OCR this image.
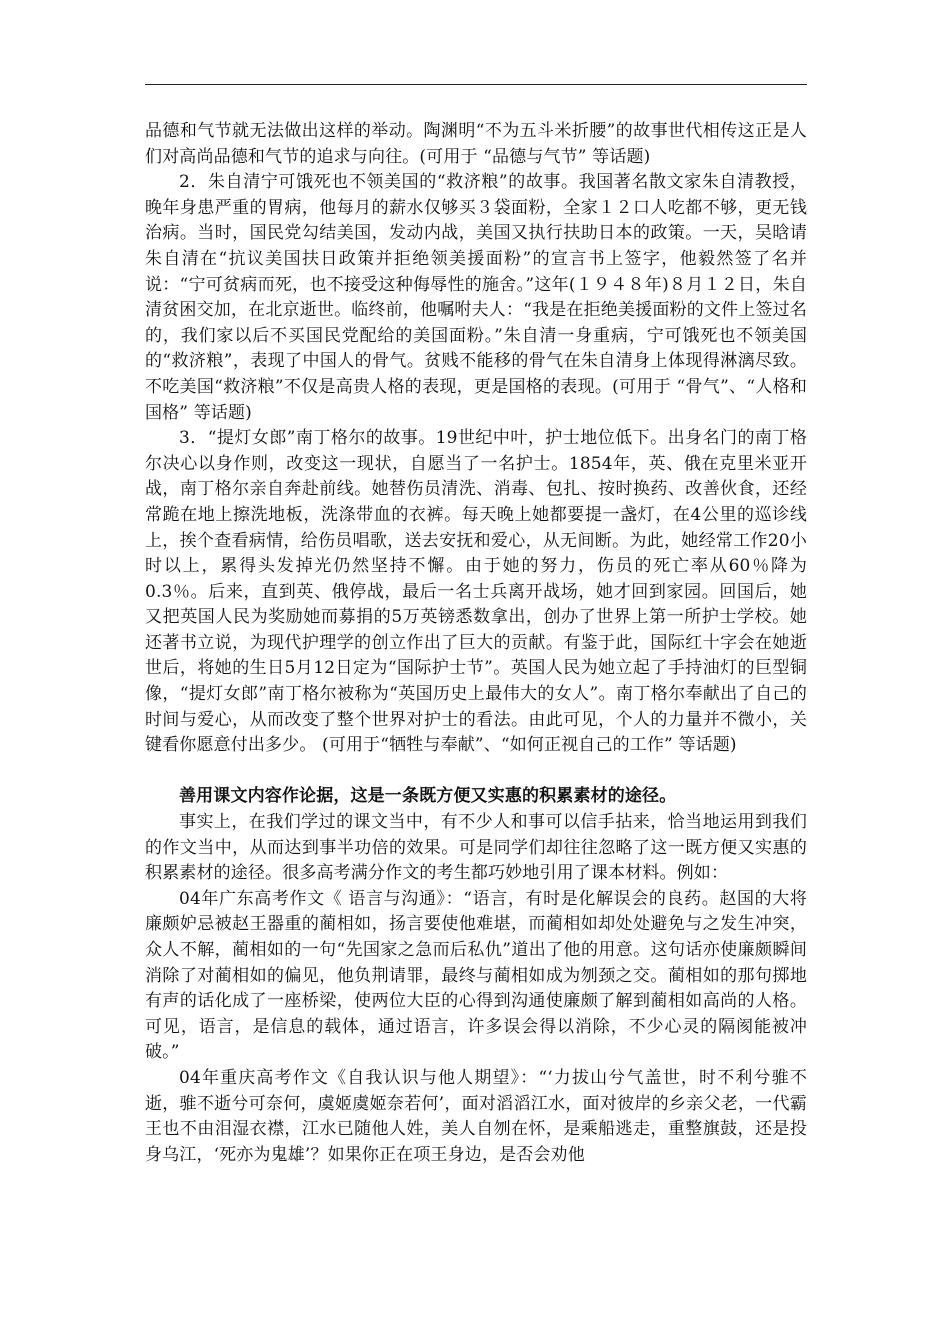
品德和气节就无法做出这样的举动。陶渊明“不为五斗米折腰”的故事世代相传这正是人们对高尚品德和气节的追求与向往。(可用于 “品德与气节” 等话题)

2．朱自清宁可饿死也不领美国的“救济粮”的故事。我国著名散文家朱自清教授，晚年身患严重的胃病，他每月的薪水仅够买３袋面粉，全家１２口人吃都不够，更无钱治病。当时，国民党勾结美国，发动内战，美国又执行扶助日本的政策。一天，吴晗请朱自清在“抗议美国扶日政策并拒绝领美援面粉”的宣言书上签字，他毅然签了名并说：“宁可贫病而死，也不接受这种侮辱性的施舍。”这年(１９４８年)８月１２日，朱自清贫困交加，在北京逝世。临终前，他嘱咐夫人：“我是在拒绝美援面粉的文件上签过名的，我们家以后不买国民党配给的美国面粉。”朱自清一身重病，宁可饿死也不领美国的“救济粮”，表现了中国人的骨气。贫贱不能移的骨气在朱自清身上体现得淋漓尽致。不吃美国“救济粮”不仅是高贵人格的表现，更是国格的表现。(可用于 “骨气”、“人格和国格” 等话题)

3．“提灯女郎”南丁格尔的故事。19世纪中叶，护士地位低下。出身名门的南丁格尔决心以身作则，改变这一现状，自愿当了一名护士。1854年，英、俄在克里米亚开战，南丁格尔亲自奔赴前线。她替伤员清洗、消毒、包扎、按时换药、改善伙食，还经常跪在地上擦洗地板，洗涤带血的衣裤。每天晚上她都要提一盏灯，在4公里的巡诊线上，挨个查看病情，给伤员唱歌，送去安抚和爱心，从无间断。为此，她经常工作20小时以上，累得头发掉光仍然坚持不懈。由于她的努力，伤员的死亡率从60％降为0.3％。后来，直到英、俄停战，最后一名士兵离开战场，她才回到家园。回国后，她又把英国人民为奖励她而募捐的5万英镑悉数拿出，创办了世界上第一所护士学校。她还著书立说，为现代护理学的创立作出了巨大的贡献。有鉴于此，国际红十字会在她逝世后，将她的生日5月12日定为“国际护士节”。英国人民为她立起了手持油灯的巨型铜像，“提灯女郎”南丁格尔被称为“英国历史上最伟大的女人”。南丁格尔奉献出了自己的时间与爱心，从而改变了整个世界对护士的看法。由此可见，个人的力量并不微小，关键看你愿意付出多少。 (可用于“牺牲与奉献”、“如何正视自己的工作” 等话题)

善用课文内容作论据，这是一条既方便又实惠的积累素材的途径。

事实上，在我们学过的课文当中，有不少人和事可以信手拈来，恰当地运用到我们的作文当中，从而达到事半功倍的效果。可是同学们却往往忽略了这一既方便又实惠的积累素材的途径。很多高考满分作文的考生都巧妙地引用了课本材料。例如：

04年广东高考作文《 语言与沟通》：“语言，有时是化解误会的良药。赵国的大将廉颇妒忌被赵王器重的蔺相如，扬言要使他难堪，而蔺相如却处处避免与之发生冲突，众人不解，蔺相如的一句“先国家之急而后私仇”道出了他的用意。这句话亦使廉颇瞬间消除了对蔺相如的偏见，他负荆请罪，最终与蔺相如成为刎颈之交。蔺相如的那句掷地有声的话化成了一座桥梁，使两位大臣的心得到沟通使廉颇了解到蔺相如高尚的人格。可见，语言，是信息的载体，通过语言，许多误会得以消除，不少心灵的隔阂能被冲破。”

04年重庆高考作文《自我认识与他人期望》：“‘力拔山兮气盖世，时不利兮骓不逝，骓不逝兮可奈何，虞姬虞姬奈若何’，面对滔滔江水，面对彼岸的乡亲父老，一代霸王也不由泪湿衣襟，江水已随他人姓，美人自刎在怀，是乘船逃走，重整旗鼓，还是投身乌江，‘死亦为鬼雄’？如果你正在项王身边，是否会劝他
